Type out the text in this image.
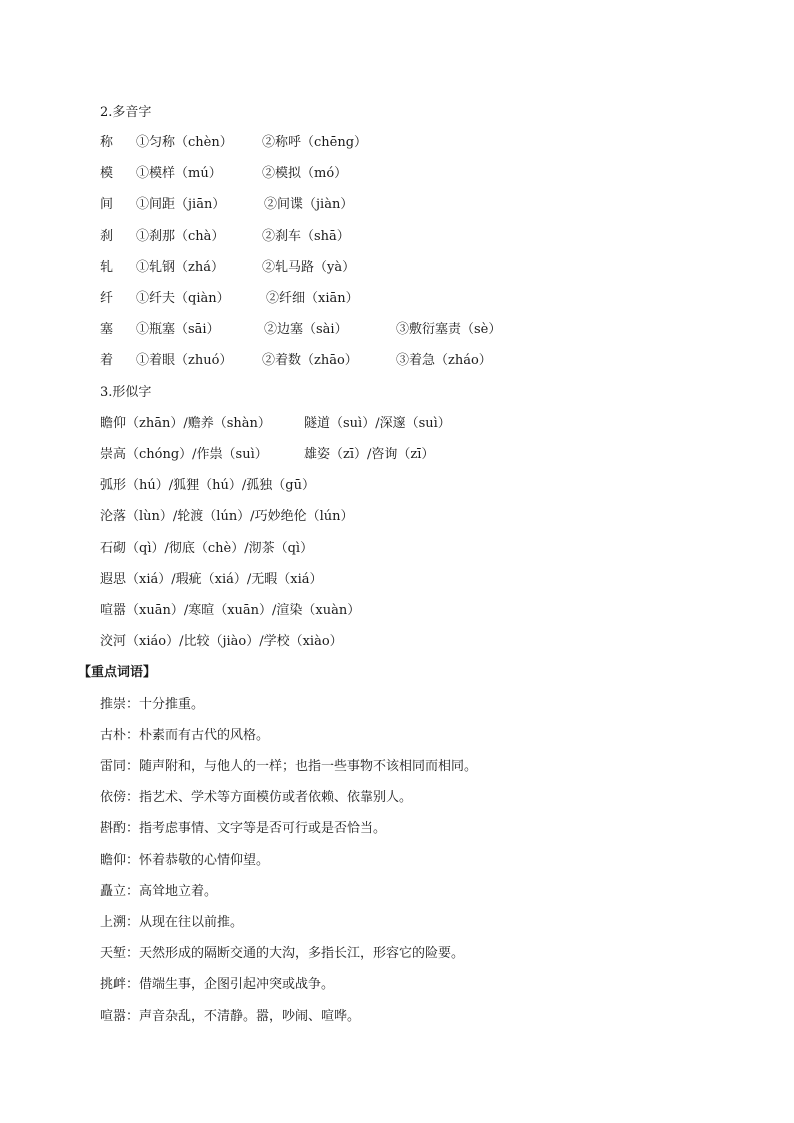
2.多音字
称 ①匀称（chèn） ②称呼（chēng）
模 ①模样（mú）	②模拟（mó）
间 ①间距（jiān）	②间谍（jiàn）
刹 ①刹那（chà）	②刹车（shā）
轧 ①轧钢（zhá）	②轧马路（yà）
纤 ①纤夫（qiàn）	②纤细（xiān）
塞 ①瓶塞（sāi）	②边塞（sài）	③敷衍塞责（sè）
着 ①着眼（zhuó） ②着数（zhāo）	③着急（zháo）
3.形似字
瞻仰（zhān）/赡养（shàn）	隧道（suì）/深邃（suì）
崇高（chóng）/作祟（suì）	雄姿（zī）/咨询（zī）
弧形（hú）/狐狸（hú）/孤独（gū）
沦落（lùn）/轮渡（lún）/巧妙绝伦（lún）
石砌（qì）/彻底（chè）/沏茶（qì）
遐思（xiá）/瑕疵（xiá）/无暇（xiá）
喧嚣（xuān）/寒暄（xuān）/渲染（xuàn）
洨河（xiáo）/比较（jiào）/学校（xiào）
【重点词语】
推崇：十分推重。
古朴：朴素而有古代的风格。
雷同：随声附和，与他人的一样；也指一些事物不该相同而相同。
依傍：指艺术、学术等方面模仿或者依赖、依靠别人。
斟酌：指考虑事情、文字等是否可行或是否恰当。
瞻仰：怀着恭敬的心情仰望。
矗立：高耸地立着。
上溯：从现在往以前推。
天堑：天然形成的隔断交通的大沟，多指长江，形容它的险要。
挑衅：借端生事，企图引起冲突或战争。
喧嚣：声音杂乱，不清静。嚣，吵闹、喧哗。
